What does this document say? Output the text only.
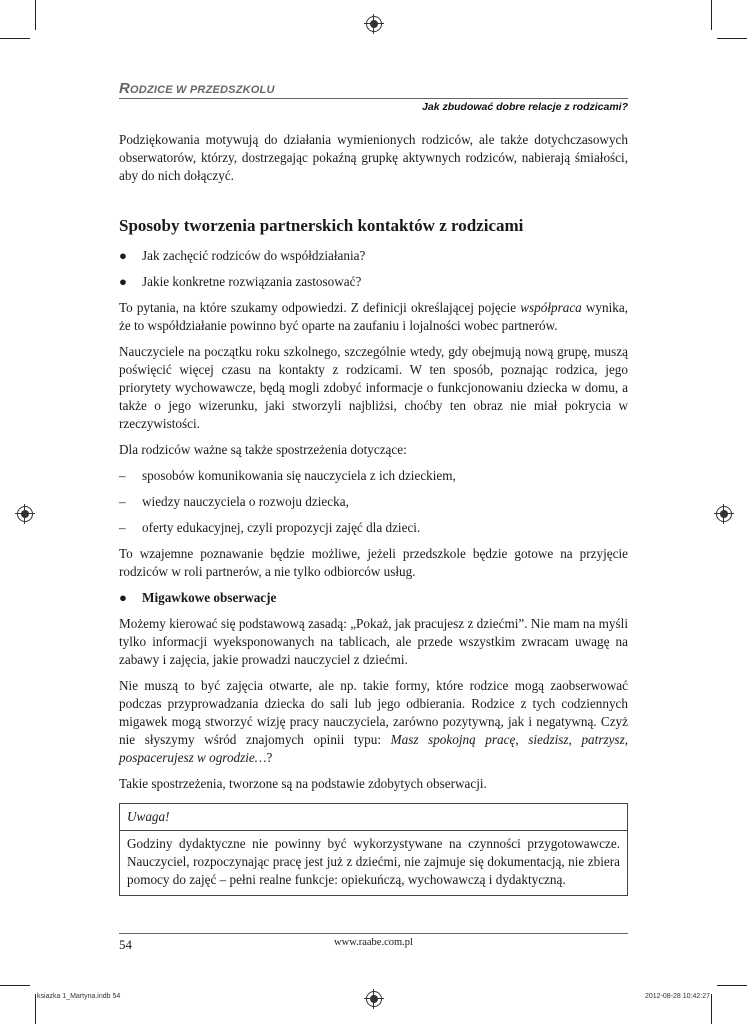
RODZICE W PRZEDSZKOLU
Jak zbudować dobre relacje z rodzicami?

Podziękowania motywują do działania wymienionych rodziców, ale także dotychczasowych obserwatorów, którzy, dostrzegając pokaźną grupkę aktywnych rodziców, nabierają śmiałości, aby do nich dołączyć.

Sposoby tworzenia partnerskich kontaktów z rodzicami
● Jak zachęcić rodziców do współdziałania?
● Jakie konkretne rozwiązania zastosować?

To pytania, na które szukamy odpowiedzi. Z definicji określającej pojęcie współpraca wynika, że to współdziałanie powinno być oparte na zaufaniu i lojalności wobec partnerów.

Nauczyciele na początku roku szkolnego, szczególnie wtedy, gdy obejmują nową grupę, muszą poświęcić więcej czasu na kontakty z rodzicami. W ten sposób, poznając rodzica, jego priorytety wychowawcze, będą mogli zdobyć informacje o funkcjonowaniu dziecka w domu, a także o jego wizerunku, jaki stworzyli najbliżsi, choćby ten obraz nie miał pokrycia w rzeczywistości.

Dla rodziców ważne są także spostrzeżenia dotyczące:

– sposobów komunikowania się nauczyciela z ich dzieckiem,
– wiedzy nauczyciela o rozwoju dziecka,
– oferty edukacyjnej, czyli propozycji zajęć dla dzieci.

To wzajemne poznawanie będzie możliwe, jeżeli przedszkole będzie gotowe na przyjęcie rodziców w roli partnerów, a nie tylko odbiorców usług.

● Migawkowe obserwacje

Możemy kierować się podstawową zasadą: „Pokaż, jak pracujesz z dziećmi”. Nie mam na myśli tylko informacji wyeksponowanych na tablicach, ale przede wszystkim zwracam uwagę na zabawy i zajęcia, jakie prowadzi nauczyciel z dziećmi.

Nie muszą to być zajęcia otwarte, ale np. takie formy, które rodzice mogą zaobserwować podczas przyprowadzania dziecka do sali lub jego odbierania. Rodzice z tych codziennych migawek mogą stworzyć wizję pracy nauczyciela, zarówno pozytywną, jak i negatywną. Czyż nie słyszymy wśród znajomych opinii typu: Masz spokojną pracę, siedzisz, patrzysz, pospacerujesz w ogrodzie…?

Takie spostrzeżenia, tworzone są na podstawie zdobytych obserwacji.

Uwaga!
Godziny dydaktyczne nie powinny być wykorzystywane na czynności przygotowawcze. Nauczyciel, rozpoczynając pracę jest już z dziećmi, nie zajmuje się dokumentacją, nie zbiera pomocy do zajęć – pełni realne funkcje: opiekuńczą, wychowawczą i dydaktyczną.
54	www.raabe.com.pl
ksiazka 1_Martyna.indb 54	2012-08-28 10:42:27
